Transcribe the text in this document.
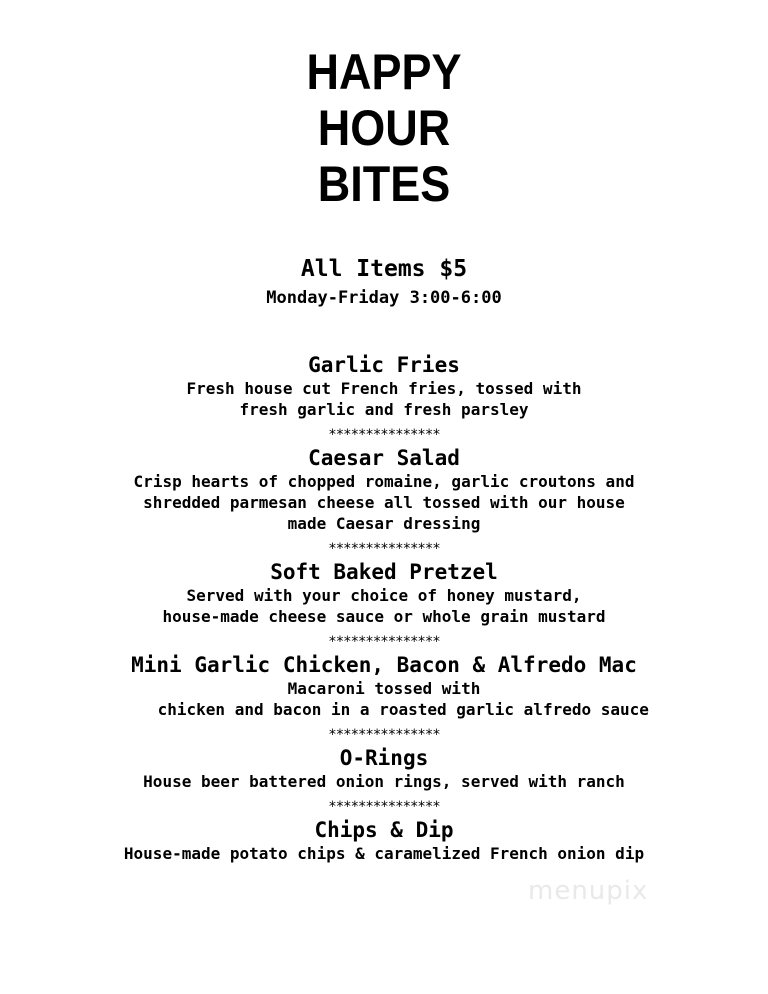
HAPPY
HOUR
BITES
All Items $5
Monday-Friday 3:00-6:00
Garlic Fries
Fresh house cut French fries, tossed with
fresh garlic and fresh parsley
***************
Caesar Salad
Crisp hearts of chopped romaine, garlic croutons and
shredded parmesan cheese all tossed with our house
made Caesar dressing
***************
Soft Baked Pretzel
Served with your choice of honey mustard,
house-made cheese sauce or whole grain mustard
***************
Mini Garlic Chicken, Bacon & Alfredo Mac
Macaroni tossed with
chicken and bacon in a roasted garlic alfredo sauce
***************
O-Rings
House beer battered onion rings, served with ranch
***************
Chips & Dip
House-made potato chips & caramelized French onion dip
menupix
